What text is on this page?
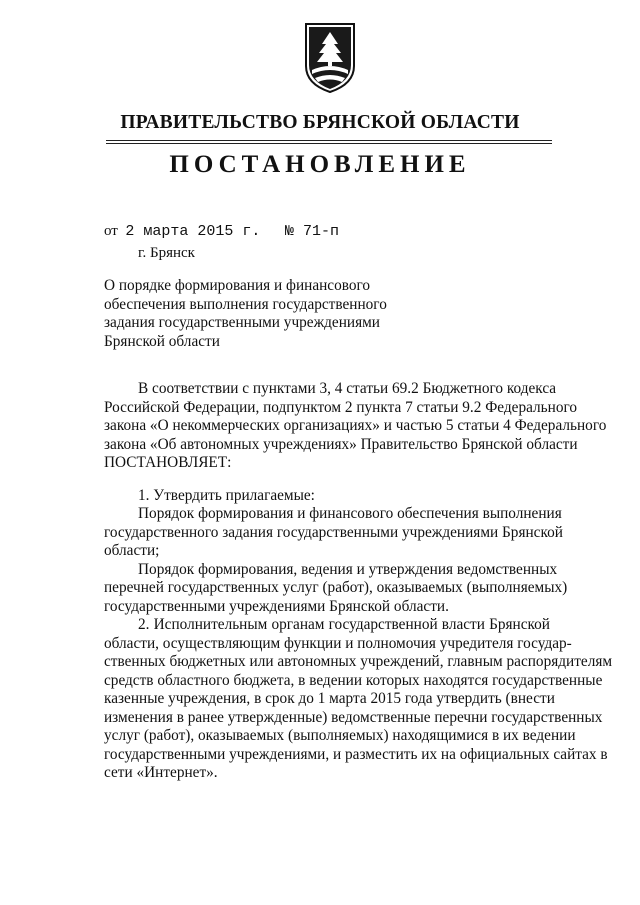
ПРАВИТЕЛЬСТВО БРЯНСКОЙ ОБЛАСТИ
ПОСТАНОВЛЕНИЕ
от 2 марта 2015 г. № 71-п
г. Брянск
О порядке формирования и финансового
обеспечения выполнения государственного
задания государственными учреждениями
Брянской области
В соответствии с пунктами 3, 4 статьи 69.2 Бюджетного кодекса
Российской Федерации, подпунктом 2 пункта 7 статьи 9.2 Федерального
закона «О некоммерческих организациях» и частью 5 статьи 4 Федерального
закона «Об автономных учреждениях» Правительство Брянской области
ПОСТАНОВЛЯЕТ:
1. Утвердить прилагаемые:
Порядок формирования и финансового обеспечения выполнения
государственного задания государственными учреждениями Брянской
области;
Порядок формирования, ведения и утверждения ведомственных
перечней государственных услуг (работ), оказываемых (выполняемых)
государственными учреждениями Брянской области.
2. Исполнительным органам государственной власти Брянской
области, осуществляющим функции и полномочия учредителя государ-
ственных бюджетных или автономных учреждений, главным распорядителям
средств областного бюджета, в ведении которых находятся государственные
казенные учреждения, в срок до 1 марта 2015 года утвердить (внести
изменения в ранее утвержденные) ведомственные перечни государственных
услуг (работ), оказываемых (выполняемых) находящимися в их ведении
государственными учреждениями, и разместить их на официальных сайтах в
сети «Интернет».
